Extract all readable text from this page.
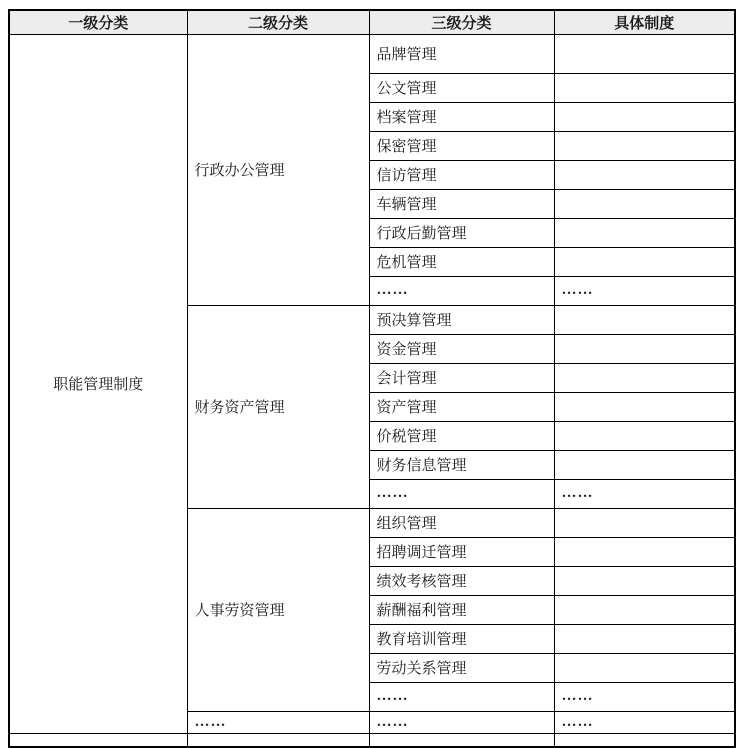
一级分类	二级分类	三级分类	具体制度
职能管理制度	行政办公管理	品牌管理	
		公文管理	
		档案管理	
		保密管理	
		信访管理	
		车辆管理	
		行政后勤管理	
		危机管理	
		……	……
	财务资产管理	预决算管理	
		资金管理	
		会计管理	
		资产管理	
		价税管理	
		财务信息管理	
		……	……
	人事劳资管理	组织管理	
		招聘调迁管理	
		绩效考核管理	
		薪酬福利管理	
		教育培训管理	
		劳动关系管理	
		……	……
	……	……	……
